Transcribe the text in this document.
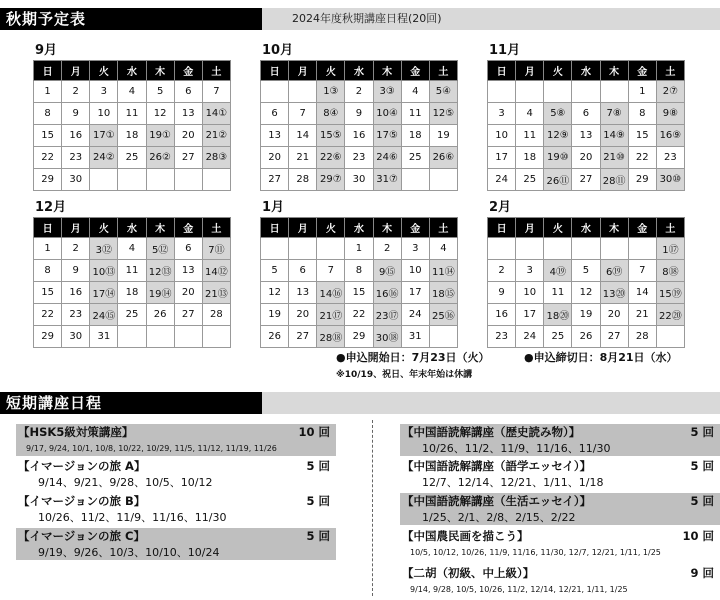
秋期予定表	2024年度秋期講座日程(20回)
9月
日	月	火	水	木	金	土
1	2	3	4	5	6	7
8	9	10	11	12	13	14①
15	16	17①	18	19①	20	21②
22	23	24②	25	26②	27	28③
29	30					
10月
日	月	火	水	木	金	土
		1③	2	3③	4	5④
6	7	8④	9	10④	11	12⑤
13	14	15⑤	16	17⑤	18	19
20	21	22⑥	23	24⑥	25	26⑥
27	28	29⑦	30	31⑦		
11月
日	月	火	水	木	金	土
					1	2⑦
3	4	5⑧	6	7⑧	8	9⑧
10	11	12⑨	13	14⑨	15	16⑨
17	18	19⑩	20	21⑩	22	23
24	25	26⑪	27	28⑪	29	30⑩
12月
日	月	火	水	木	金	土
1	2	3⑫	4	5⑫	6	7⑪
8	9	10⑬	11	12⑬	13	14⑫
15	16	17⑭	18	19⑭	20	21⑬
22	23	24⑮	25	26	27	28
29	30	31				
1月
日	月	火	水	木	金	土
			1	2	3	4
5	6	7	8	9⑮	10	11⑭
12	13	14⑯	15	16⑯	17	18⑮
19	20	21⑰	22	23⑰	24	25⑯
26	27	28⑱	29	30⑱	31	
2月
日	月	火	水	木	金	土
						1⑰
2	3	4⑲	5	6⑲	7	8⑱
9	10	11	12	13⑳	14	15⑲
16	17	18⑳	19	20	21	22⑳
23	24	25	26	27	28	
●申込開始日：7月23日（火）	●申込締切日：8月21日（水）
※10/19、祝日、年末年始は休講
短期講座日程
【HSK5級対策講座】	10 回
9/17, 9/24, 10/1, 10/8, 10/22, 10/29, 11/5, 11/12, 11/19, 11/26
【イマージョンの旅 A】	5 回
9/14、9/21、9/28、10/5、10/12
【イマージョンの旅 B】	5 回
10/26、11/2、11/9、11/16、11/30
【イマージョンの旅 C】	5 回
9/19、9/26、10/3、10/10、10/24
【中国語読解講座（歴史読み物）】	5 回
10/26、11/2、11/9、11/16、11/30
【中国語読解講座（語学エッセイ）】	5 回
12/7、12/14、12/21、1/11、1/18
【中国語読解講座（生活エッセイ）】	5 回
1/25、2/1、2/8、2/15、2/22
【中国農民画を描こう】	10 回
10/5, 10/12, 10/26, 11/9, 11/16, 11/30, 12/7, 12/21, 1/11, 1/25
【二胡（初級、中上級）】	9 回
9/14, 9/28, 10/5, 10/26, 11/2, 12/14, 12/21, 1/11, 1/25
